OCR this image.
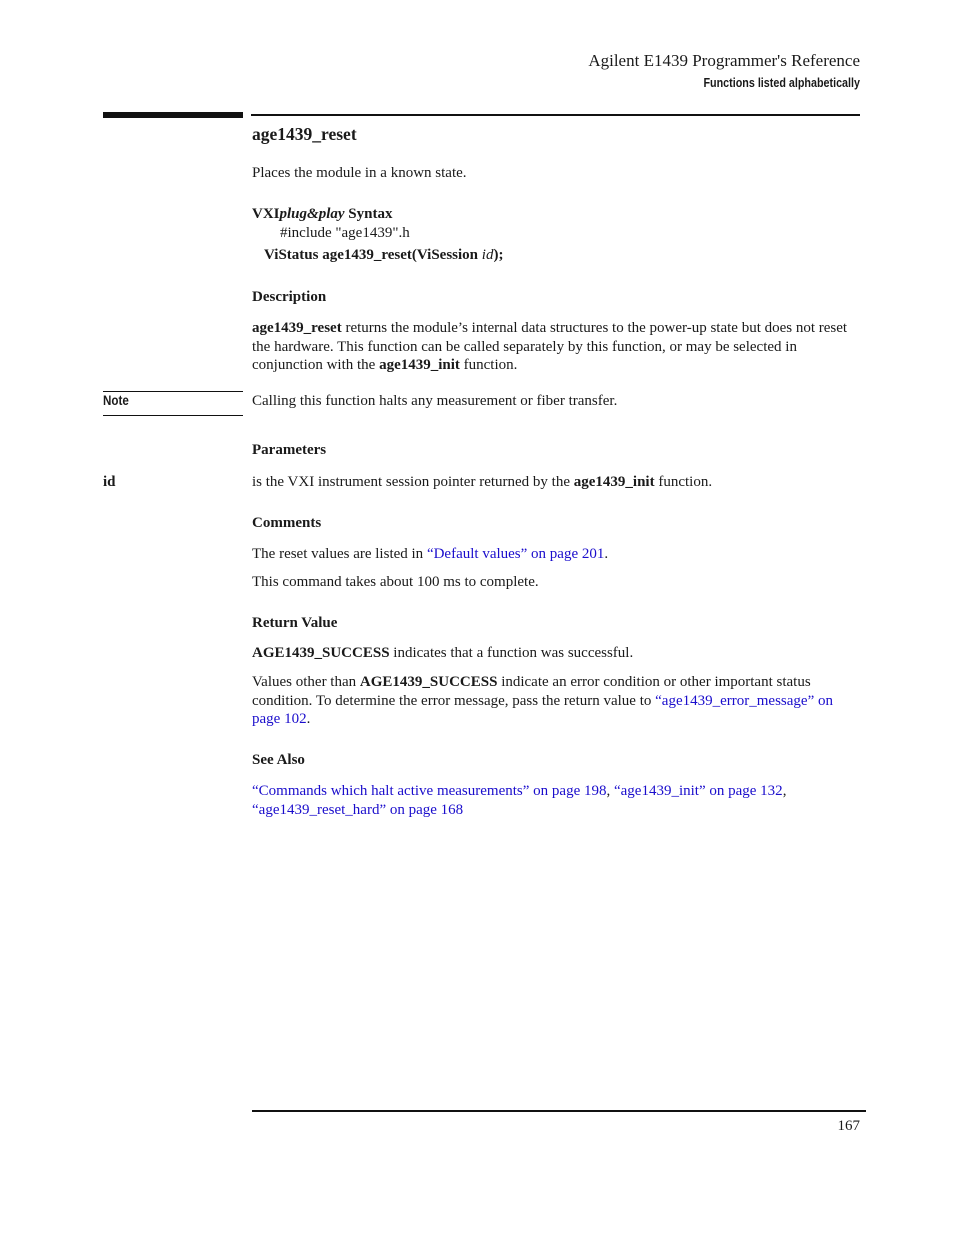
Agilent E1439 Programmer's Reference
Functions listed alphabetically
age1439_reset
Places the module in a known state.
VXIplug&play Syntax
#include "age1439".h
ViStatus age1439_reset(ViSession id);
Description
age1439_reset returns the module’s internal data structures to the power-up state but does not reset the hardware. This function can be called separately by this function, or may be selected in conjunction with the age1439_init function.
Note	Calling this function halts any measurement or fiber transfer.
Parameters
id	is the VXI instrument session pointer returned by the age1439_init function.
Comments
The reset values are listed in “Default values” on page 201.
This command takes about 100 ms to complete.
Return Value
AGE1439_SUCCESS indicates that a function was successful.
Values other than AGE1439_SUCCESS indicate an error condition or other important status condition. To determine the error message, pass the return value to “age1439_error_message” on page 102.
See Also
“Commands which halt active measurements” on page 198, “age1439_init” on page 132,
“age1439_reset_hard” on page 168
167
